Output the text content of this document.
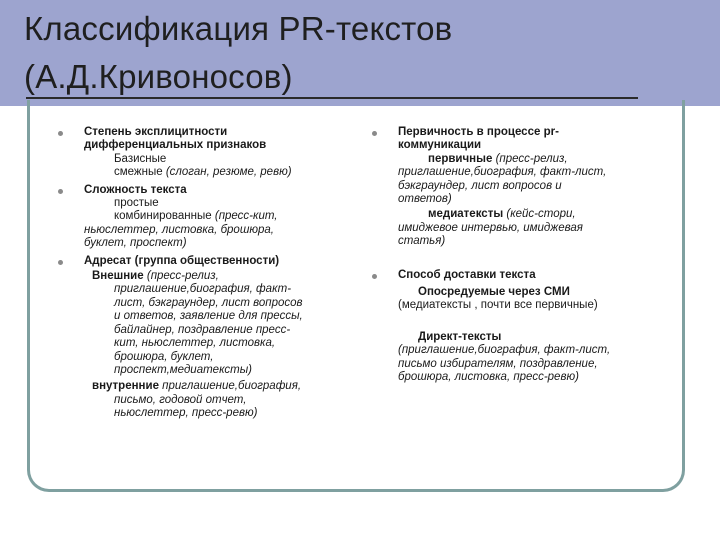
Классификация PR-текстов
(А.Д.Кривоносов)
Степень эксплицитности
дифференциальных признаков
Базисные
смежные (слоган, резюме, ревю)
Сложность текста
простые
комбинированные (пресс-кит,
ньюслеттер, листовка, брошюра,
буклет, проспект)
Адресат (группа общественности)
Внешние (пресс-релиз,
приглашение,биография, факт-
лист, бэкграундер, лист вопросов
и ответов, заявление для прессы,
байлайнер, поздравление пресс-
кит, ньюслеттер, листовка,
брошюра, буклет,
проспект,медиатексты)
внутренние приглашение,биография,
письмо, годовой отчет,
ньюслеттер, пресс-ревю)
Первичность в процессе pr-
коммуникации
первичные (пресс-релиз,
приглашение,биография, факт-лист,
бэкграундер, лист вопросов и
ответов)
медиатексты (кейс-стори,
имиджевое интервью, имиджевая
статья)
Способ доставки текста
Опосредуемые через СМИ
(медиатексты , почти все первичные)
Директ-тексты
(приглашение,биография, факт-лист,
письмо избирателям, поздравление,
брошюра, листовка, пресс-ревю)
